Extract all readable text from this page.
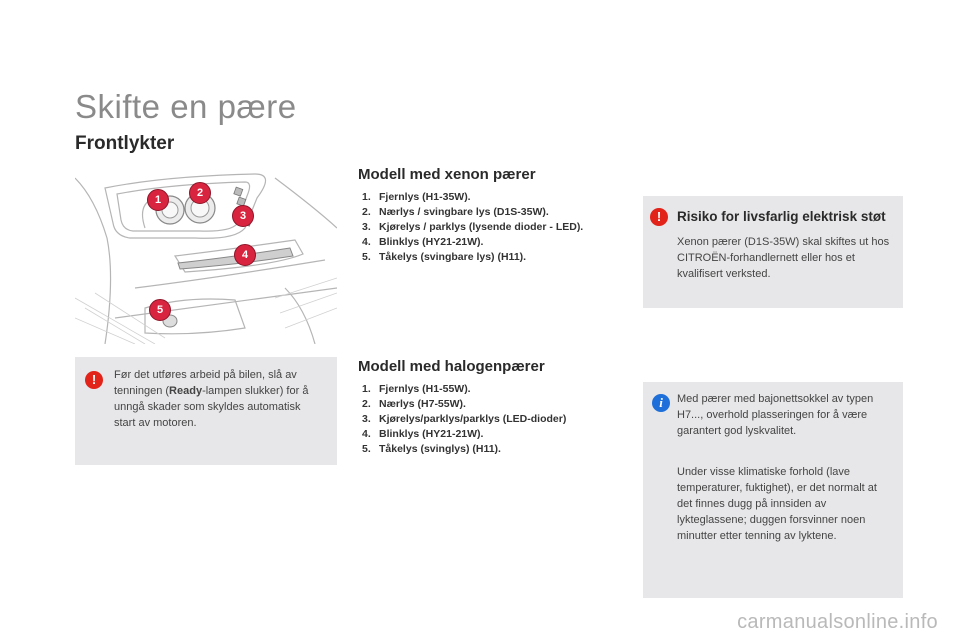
Skifte en pære
Frontlykter
1
2
3
4
5
Modell med xenon pærer
1. Fjernlys (H1-35W).
2. Nærlys / svingbare lys (D1S-35W).
3. Kjørelys / parklys (lysende dioder - LED).
4. Blinklys (HY21-21W).
5. Tåkelys (svingbare lys) (H11).
Modell med halogenpærer
1. Fjernlys (H1-55W).
2. Nærlys (H7-55W).
3. Kjørelys/parklys/parklys (LED-dioder)
4. Blinklys (HY21-21W).
5. Tåkelys (svinglys) (H11).
!	Før det utføres arbeid på bilen, slå av tenningen (Ready-lampen slukker) for å unngå skader som skyldes automatisk start av motoren.

!	Risiko for livsfarlig elektrisk støt

Xenon pærer (D1S-35W) skal skiftes ut hos CITROËN-forhandlernett eller hos et kvalifisert verksted.

i	Med pærer med bajonettsokkel av typen H7..., overhold plasseringen for å være garantert god lyskvalitet.

Under visse klimatiske forhold (lave temperaturer, fuktighet), er det normalt at det finnes dugg på innsiden av lykteglassene; duggen forsvinner noen minutter etter tenning av lyktene.

carmanualsonline.info
